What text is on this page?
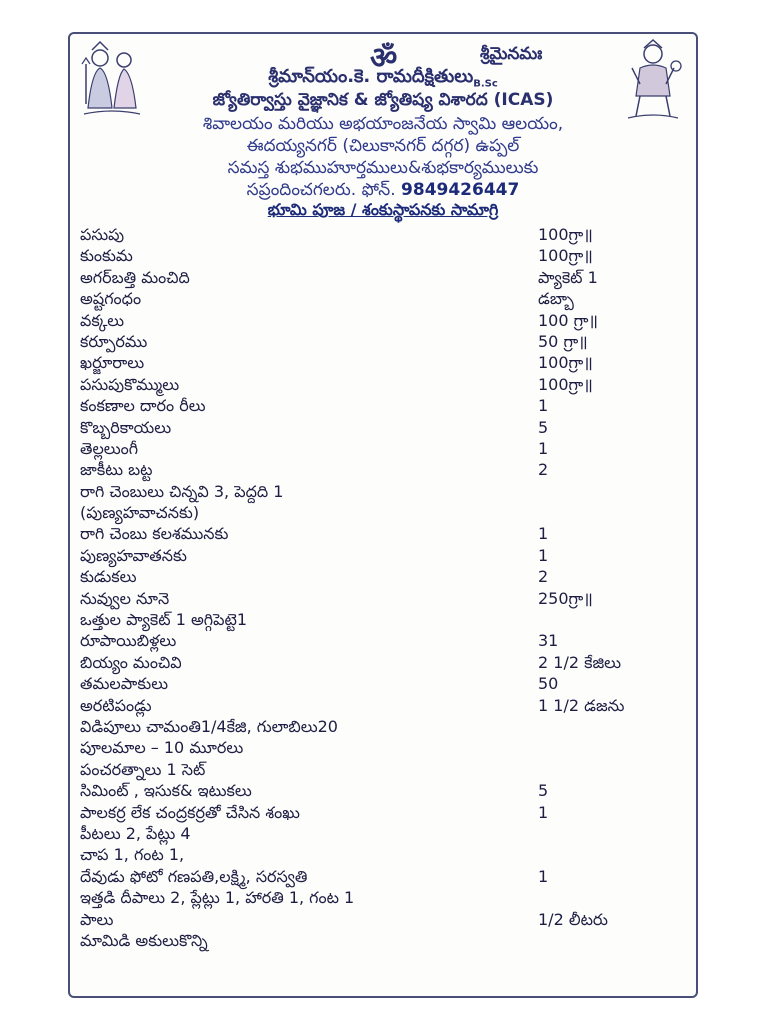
ॐ	శ్రీమైనమః
శ్రీమాన్‌యం.కె. $రామదీక్షితులు_{B.Sc}$
జ్యోతిర్వాస్తు వైజ్ఞానిక & జ్యోతిష్య విశారద (ICAS)
శివాలయం మరియు అభయాంజనేయ స్వామి ఆలయం,
ఈదయ్యనగర్ (చిలుకానగర్ దగ్గర) ఉప్పల్
సమస్త శుభముహూర్తములు&శుభకార్యములుకు
సప్రందించగలరు. ఫోన్. 9849426447
భూమి పూజ / శంకుస్థాపనకు సామాగ్రి
పసుపు	100గ్రా॥
కుంకుమ	100గ్రా॥
అగర్‌బత్తి మంచిది	ప్యాకెట్ 1
అష్టగంధం	డబ్బా
వక్కలు	100 గ్రా॥
కర్పూరము	50 గ్రా॥
ఖర్జూరాలు	100గ్రా॥
పసుపుకొమ్ములు	100గ్రా॥
కంకణాల దారం రీలు	1
కొబ్బరికాయలు	5
తెల్లలుంగీ	1
జాకీటు బట్ట	2
రాగి చెంబులు చిన్నవి 3, పెద్దది 1
(పుణ్యహవాచనకు)
రాగి చెంబు కలశమునకు	1
పుణ్యహవాతనకు	1
కుడుకలు	2
నువ్వుల నూనె	250గ్రా॥
ఒత్తుల ప్యాకెట్ 1 అగ్గిపెట్టె1
రూపాయిబిళ్లలు	31
బియ్యం మంచివి	2 1/2 కేజిలు
తమలపాకులు	50
అరటిపండ్లు	1 1/2 డజను
విడిపూలు చామంతి1/4కేజి, గులాబిలు20
పూలమాల – 10 మూరలు
పంచరత్నాలు 1 సెట్
సిమింట్ , ఇసుక& ఇటుకలు	5
పాలకర్ర లేక చంద్రకర్రతో చేసిన శంఖు	1
పీటలు 2, పేట్లు 4
చాప 1, గంట 1,
దేవుడు ఫోటో గణపతి,లక్ష్మి, సరస్వతి	1
ఇత్తడి దీపాలు 2, ప్లేట్లు 1, హారతి 1, గంట 1
పాలు	1/2 లీటరు
మామిడి అకులుకొన్ని
